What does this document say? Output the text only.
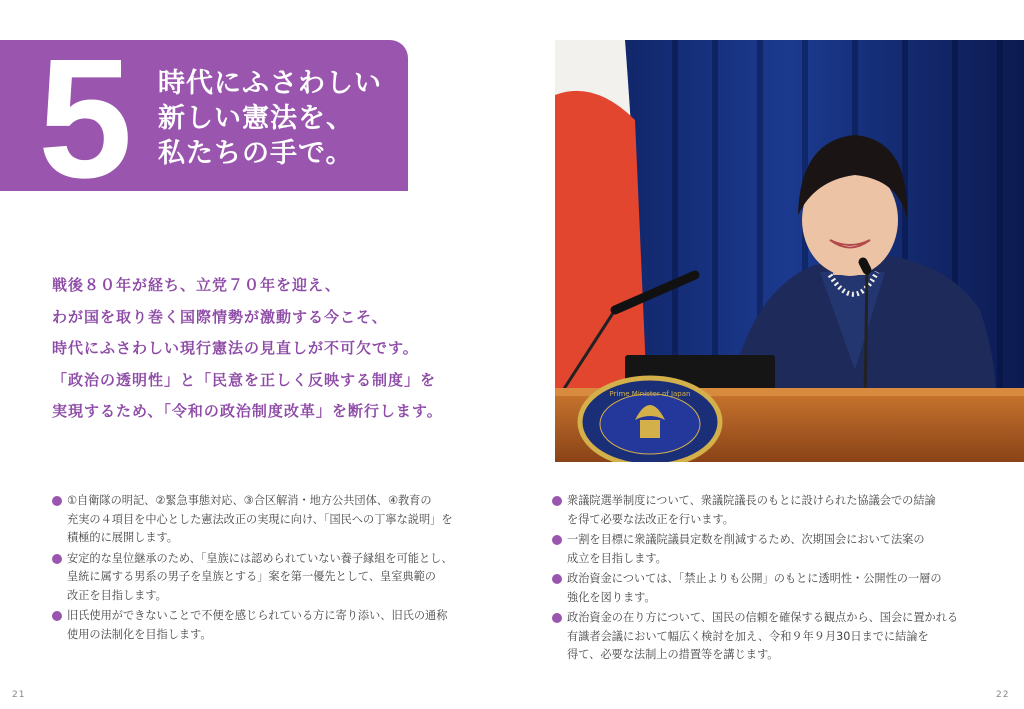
5 時代にふさわしい
新しい憲法を、
私たちの手で。
戦後８０年が経ち、立党７０年を迎え、
わが国を取り巻く国際情勢が激動する今こそ、
時代にふさわしい現行憲法の見直しが不可欠です。
「政治の透明性」と「民意を正しく反映する制度」を
実現するため、「令和の政治制度改革」を断行します。
Prime Minister of Japan
①自衛隊の明記、②緊急事態対応、③合区解消・地方公共団体、④教育の
充実の４項目を中心とした憲法改正の実現に向け、「国民への丁寧な説明」を
積極的に展開します。
安定的な皇位継承のため、「皇族には認められていない養子縁組を可能とし、
皇統に属する男系の男子を皇族とする」案を第一優先として、皇室典範の
改正を目指します。
旧氏使用ができないことで不便を感じられている方に寄り添い、旧氏の通称
使用の法制化を目指します。
衆議院選挙制度について、衆議院議長のもとに設けられた協議会での結論
を得て必要な法改正を行います。
一割を目標に衆議院議員定数を削減するため、次期国会において法案の
成立を目指します。
政治資金については、「禁止よりも公開」のもとに透明性・公開性の一層の
強化を図ります。
政治資金の在り方について、国民の信頼を確保する観点から、国会に置かれる
有識者会議において幅広く検討を加え、令和９年９月30日までに結論を
得て、必要な法制上の措置等を講じます。
21	22
